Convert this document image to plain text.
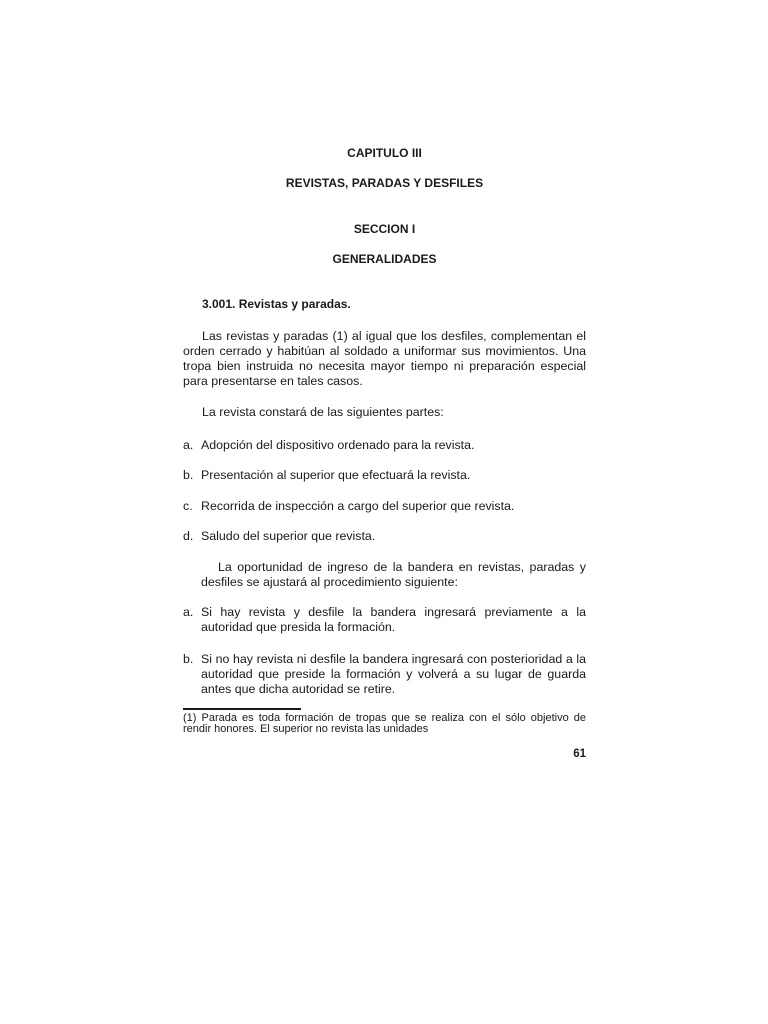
CAPITULO III
REVISTAS, PARADAS Y DESFILES
SECCION I
GENERALIDADES
3.001. Revistas y paradas.

Las revistas y paradas (1) al igual que los desfiles, complementan el orden cerrado y habitúan al soldado a uniformar sus movimientos. Una tropa bien instruida no necesita mayor tiempo ni preparación especial para presentarse en tales casos.

La revista constará de las siguientes partes:

a. Adopción del dispositivo ordenado para la revista.
b. Presentación al superior que efectuará la revista.
c. Recorrida de inspección a cargo del superior que revista.
d. Saludo del superior que revista.

La oportunidad de ingreso de la bandera en revistas, paradas y desfiles se ajustará al procedimiento siguiente:

a. Si hay revista y desfile la bandera ingresará previamente a la autoridad que presida la formación.
b. Si no hay revista ni desfile la bandera ingresará con posterioridad a la autoridad que preside la formación y volverá a su lugar de guarda antes que dicha autoridad se retire.

(1) Parada es toda formación de tropas que se realiza con el sólo objetivo de rendir honores. El superior no revista las unidades

61
